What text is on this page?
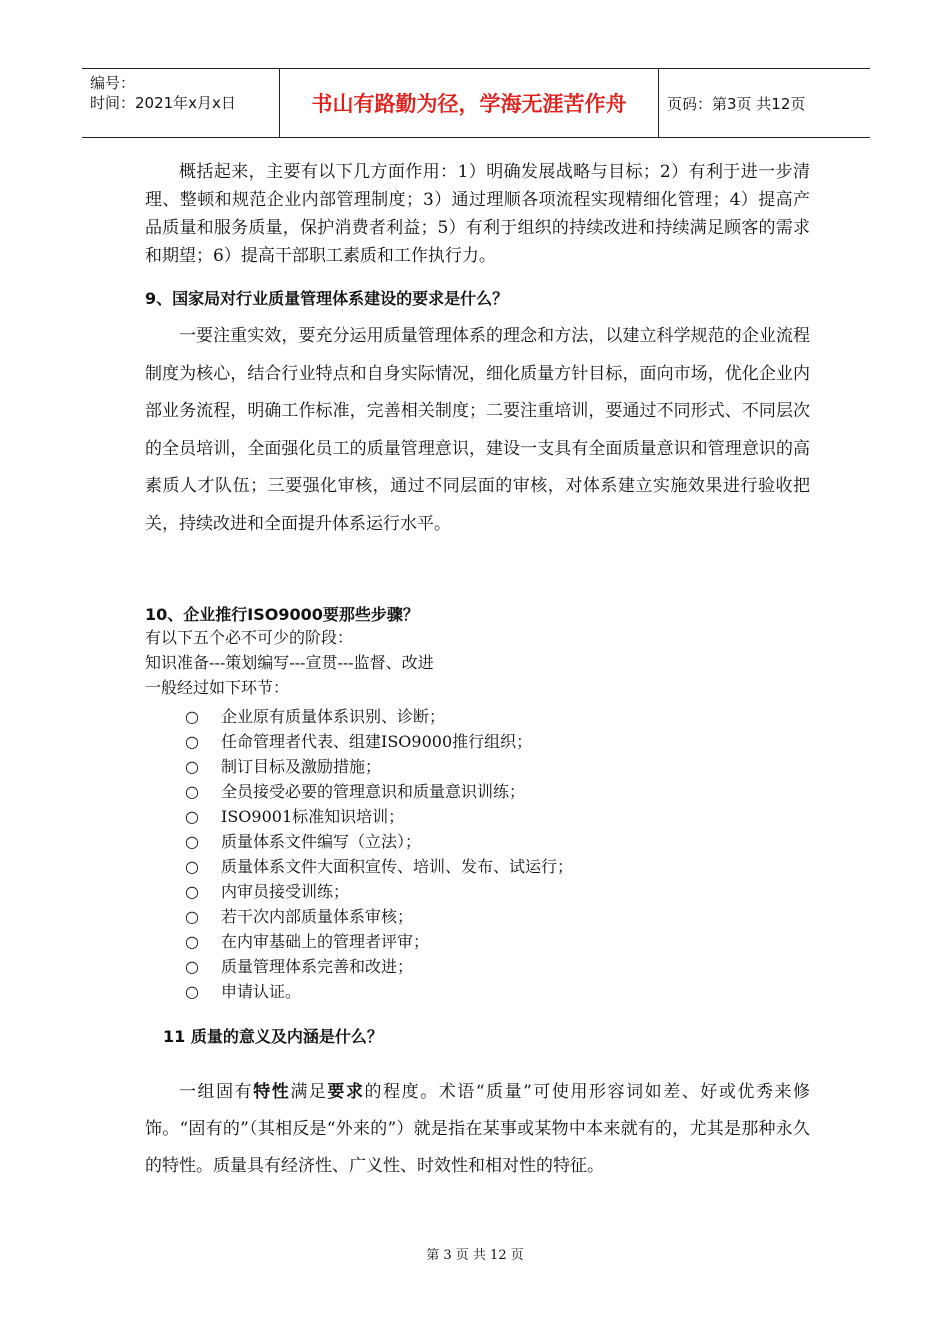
编号：
时间：2021年x月x日	书山有路勤为径，学海无涯苦作舟	页码：第3页 共12页
概括起来，主要有以下几方面作用：1）明确发展战略与目标；2）有利于进一步清理、整顿和规范企业内部管理制度；3）通过理顺各项流程实现精细化管理；4）提高产品质量和服务质量，保护消费者利益；5）有利于组织的持续改进和持续满足顾客的需求和期望；6）提高干部职工素质和工作执行力。
9、国家局对行业质量管理体系建设的要求是什么？
一要注重实效，要充分运用质量管理体系的理念和方法，以建立科学规范的企业流程制度为核心，结合行业特点和自身实际情况，细化质量方针目标，面向市场，优化企业内部业务流程，明确工作标准，完善相关制度；二要注重培训，要通过不同形式、不同层次的全员培训，全面强化员工的质量管理意识，建设一支具有全面质量意识和管理意识的高素质人才队伍；三要强化审核，通过不同层面的审核，对体系建立实施效果进行验收把关，持续改进和全面提升体系运行水平。
10、企业推行ISO9000要那些步骤？
有以下五个必不可少的阶段：
知识准备---策划编写---宣贯---监督、改进
一般经过如下环节：
○	企业原有质量体系识别、诊断；
○	任命管理者代表、组建ISO9000推行组织；
○	制订目标及激励措施；
○	全员接受必要的管理意识和质量意识训练；
○	ISO9001标准知识培训；
○	质量体系文件编写（立法）；
○	质量体系文件大面积宣传、培训、发布、试运行；
○	内审员接受训练；
○	若干次内部质量体系审核；
○	在内审基础上的管理者评审；
○	质量管理体系完善和改进；
○	申请认证。
11 质量的意义及内涵是什么？
一组固有特性满足要求的程度。术语“质量”可使用形容词如差、好或优秀来修饰。“固有的”（其相反是“外来的”）就是指在某事或某物中本来就有的，尤其是那种永久的特性。质量具有经济性、广义性、时效性和相对性的特征。
第 3 页 共 12 页
